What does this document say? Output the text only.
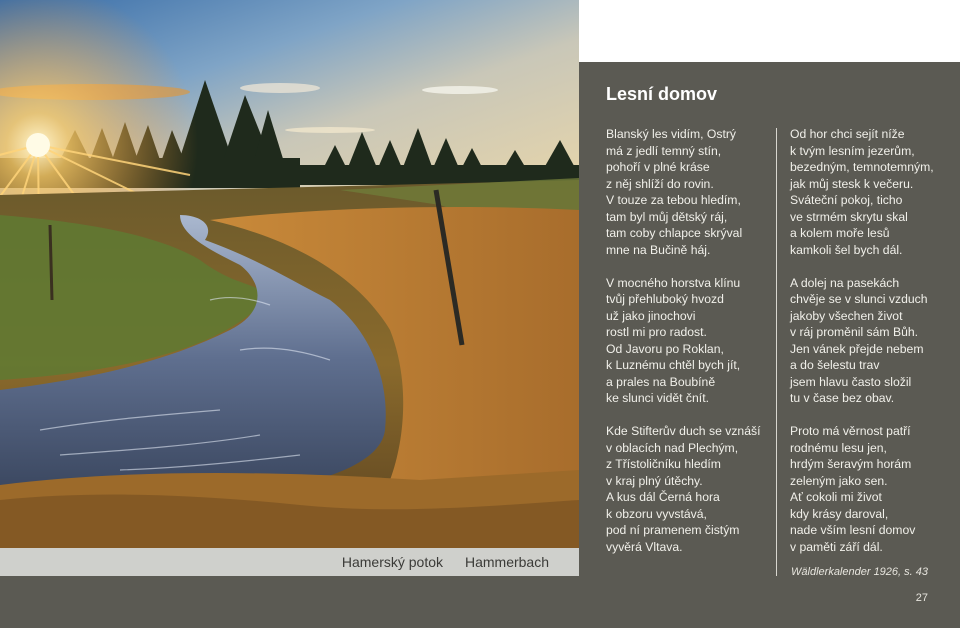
Hamerský potok Hammerbach
Lesní domov
Blanský les vidím, Ostrý
má z jedlí temný stín,
pohoří v plné kráse
z něj shlíží do rovin.
V touze za tebou hledím,
tam byl můj dětský ráj,
tam coby chlapce skrýval
mne na Bučině háj.
V mocného horstva klínu
tvůj přehluboký hvozd
už jako jinochovi
rostl mi pro radost.
Od Javoru po Roklan,
k Luznému chtěl bych jít,
a prales na Boubíně
ke slunci vidět čnít.
Kde Stifterův duch se vznáší
v oblacích nad Plechým,
z Třístoličníku hledím
v kraj plný útěchy.
A kus dál Černá hora
k obzoru vyvstává,
pod ní pramenem čistým
vyvěrá Vltava.
Od hor chci sejít níže
k tvým lesním jezerům,
bezedným, temnotemným,
jak můj stesk k večeru.
Sváteční pokoj, ticho
ve strmém skrytu skal
a kolem moře lesů
kamkoli šel bych dál.
A dolej na pasekách
chvěje se v slunci vzduch
jakoby všechen život
v ráj proměnil sám Bůh.
Jen vánek přejde nebem
a do šelestu trav
jsem hlavu často složil
tu v čase bez obav.
Proto má věrnost patří
rodnému lesu jen,
hrdým šeravým horám
zeleným jako sen.
Ať cokoli mi život
kdy krásy daroval,
nade vším lesní domov
v paměti září dál.
Wäldlerkalender 1926, s. 43
27
